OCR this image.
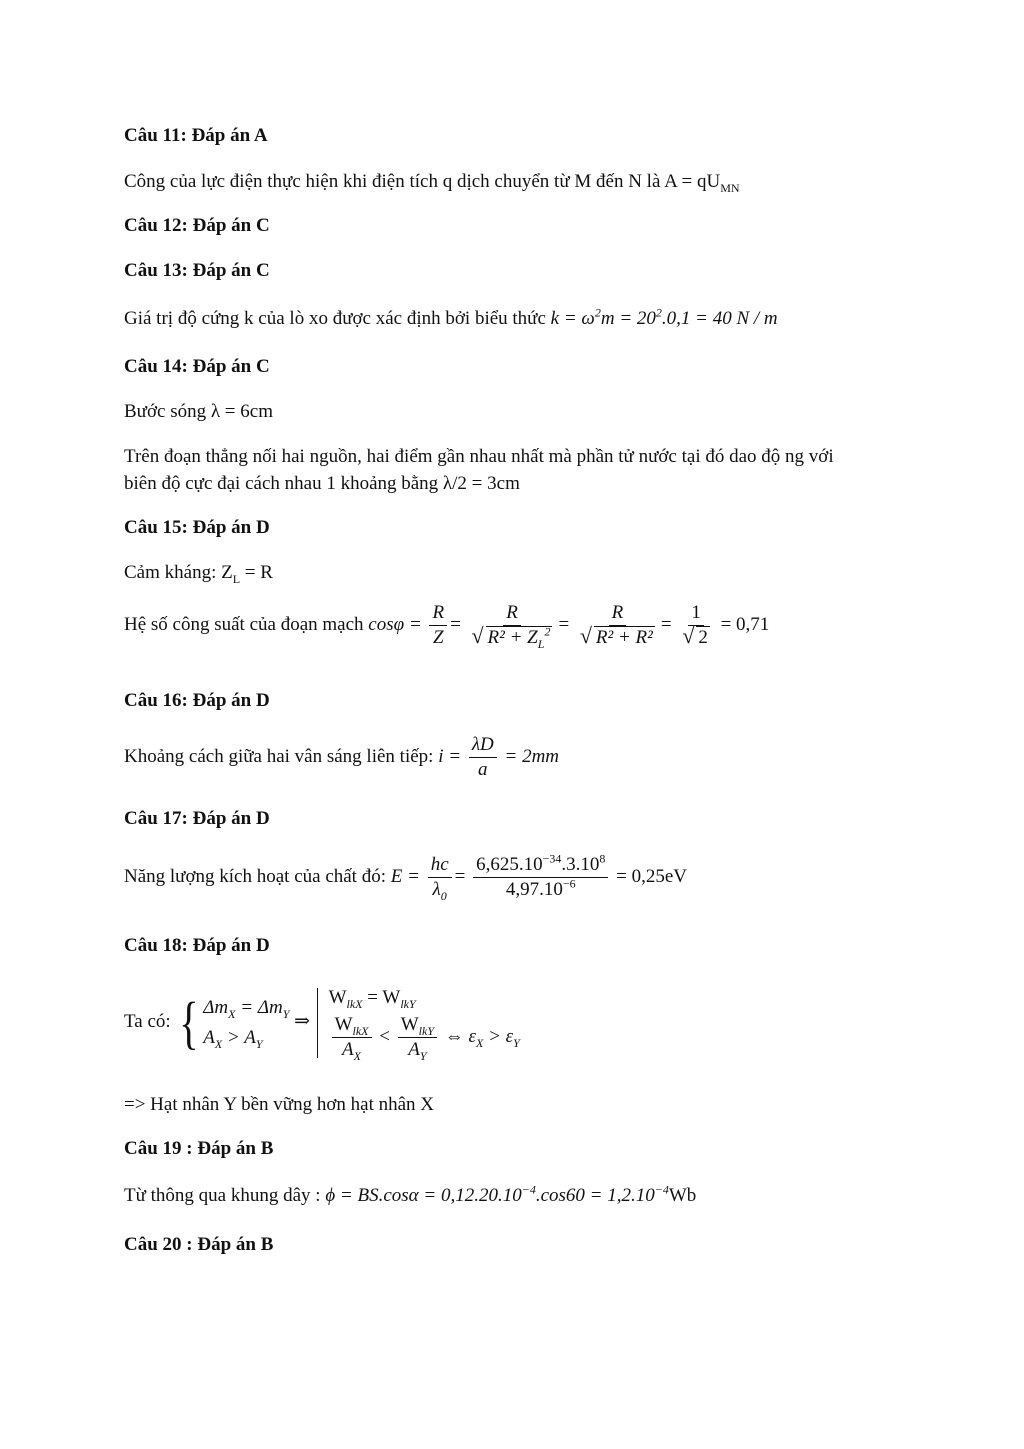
Câu 11: Đáp án A
Công của lực điện thực hiện khi điện tích q dịch chuyển từ M đến N là $A = qU_{MN}$
Câu 12: Đáp án C
Câu 13: Đáp án C
Giá trị độ cứng k của lò xo được xác định bởi biểu thức $k = \omega^2m = 20^2.0,1 = 40$ N / m
Câu 14: Đáp án C
Bước sóng λ = 6cm
Trên đoạn thẳng nối hai nguồn, hai điểm gần nhau nhất mà phần tử nước tại đó dao độ ng với
biên độ cực đại cách nhau 1 khoảng bằng λ/2 = 3cm
Câu 15: Đáp án D
Cảm kháng: $Z_L = R$
Hệ số công suất của đoạn mạch $\cos\varphi = \frac{R}{Z} = R$
√ $R^2 + Z_L^2 = R$
√ R² + R² = 1
√ 2 = 0,71
Câu 16: Đáp án D
Khoảng cách giữa hai vân sáng liên tiếp: $i = \frac{\lambda D}{a} = 2mm$
Câu 17: Đáp án D
Năng lượng kích hoạt của chất đó: $E = \frac{hc}{\lambda_0} = \frac{6,625.10^{-34}.3.10^8}{4,97.10^{-6}} = 0,25eV$
Câu 18: Đáp án D
Ta có: { $\Delta m_X = \Delta m_Y$
$A_X > A_Y$
⇒
$W_{lkX} = W_{lkY}$
$\frac{W_{lkX}}{A_X} < \frac{W_{lkY}}{A_Y}$ ⇔ $\varepsilon_X > \varepsilon_Y$
=> Hạt nhân Y bền vững hơn hạt nhân X
Câu 19 : Đáp án B
Từ thông qua khung dây : $\phi = BS.\cos\alpha = 0,12.20.10^{-4}.\cos 60 = 1,2.10^{-4}Wb$
Câu 20 : Đáp án B
